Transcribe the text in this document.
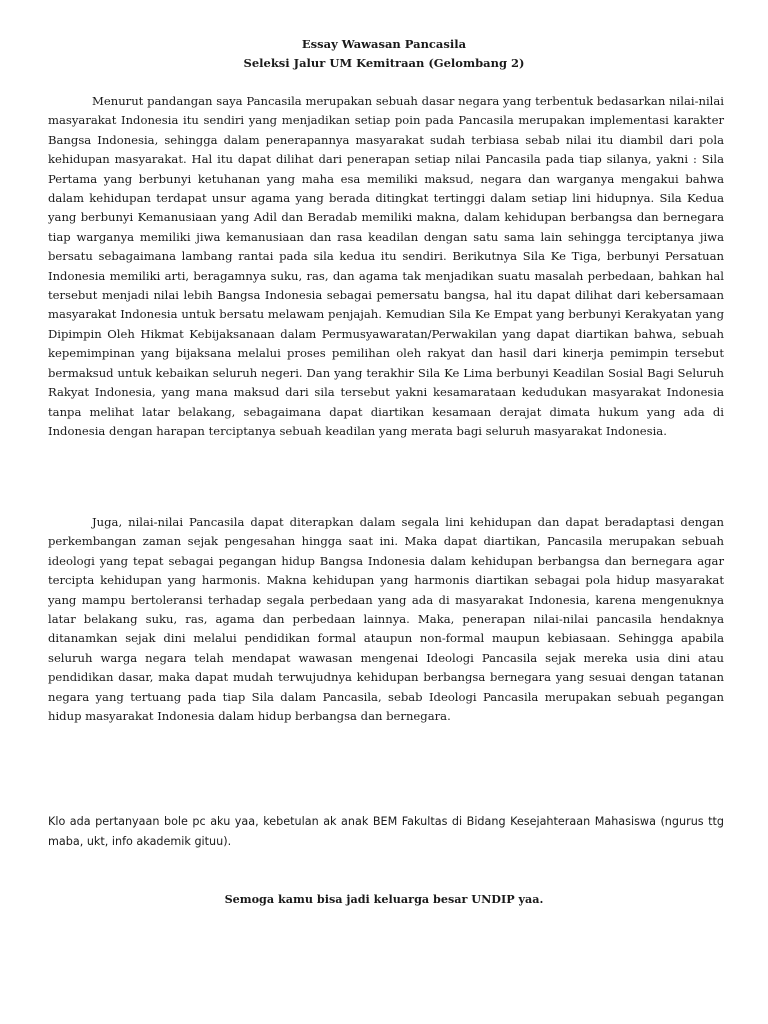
Essay Wawasan Pancasila
Seleksi Jalur UM Kemitraan (Gelombang 2)

Menurut pandangan saya Pancasila merupakan sebuah dasar negara yang terbentuk bedasarkan nilai-nilai masyarakat Indonesia itu sendiri yang menjadikan setiap poin pada Pancasila merupakan implementasi karakter Bangsa Indonesia, sehingga dalam penerapannya masyarakat sudah terbiasa sebab nilai itu diambil dari pola kehidupan masyarakat. Hal itu dapat dilihat dari penerapan setiap nilai Pancasila pada tiap silanya, yakni : Sila Pertama yang berbunyi ketuhanan yang maha esa memiliki maksud, negara dan warganya mengakui bahwa dalam kehidupan terdapat unsur agama yang berada ditingkat tertinggi dalam setiap lini hidupnya. Sila Kedua yang berbunyi Kemanusiaan yang Adil dan Beradab memiliki makna, dalam kehidupan berbangsa dan bernegara tiap warganya memiliki jiwa kemanusiaan dan rasa keadilan dengan satu sama lain sehingga terciptanya jiwa bersatu sebagaimana lambang rantai pada sila kedua itu sendiri. Berikutnya Sila Ke Tiga, berbunyi Persatuan Indonesia memiliki arti, beragamnya suku, ras, dan agama tak menjadikan suatu masalah perbedaan, bahkan hal tersebut menjadi nilai lebih Bangsa Indonesia sebagai pemersatu bangsa, hal itu dapat dilihat dari kebersamaan masyarakat Indonesia untuk bersatu melawam penjajah. Kemudian Sila Ke Empat yang berbunyi Kerakyatan yang Dipimpin Oleh Hikmat Kebijaksanaan dalam Permusyawaratan/Perwakilan yang dapat diartikan bahwa, sebuah kepemimpinan yang bijaksana melalui proses pemilihan oleh rakyat dan hasil dari kinerja pemimpin tersebut bermaksud untuk kebaikan seluruh negeri. Dan yang terakhir Sila Ke Lima berbunyi Keadilan Sosial Bagi Seluruh Rakyat Indonesia, yang mana maksud dari sila tersebut yakni kesamarataan kedudukan masyarakat Indonesia tanpa melihat latar belakang, sebagaimana dapat diartikan kesamaan derajat dimata hukum yang ada di Indonesia dengan harapan terciptanya sebuah keadilan yang merata bagi seluruh masyarakat Indonesia.

Juga, nilai-nilai Pancasila dapat diterapkan dalam segala lini kehidupan dan dapat beradaptasi dengan perkembangan zaman sejak pengesahan hingga saat ini. Maka dapat diartikan, Pancasila merupakan sebuah ideologi yang tepat sebagai pegangan hidup Bangsa Indonesia dalam kehidupan berbangsa dan bernegara agar tercipta kehidupan yang harmonis. Makna kehidupan yang harmonis diartikan sebagai pola hidup masyarakat yang mampu bertoleransi terhadap segala perbedaan yang ada di masyarakat Indonesia, karena mengenuknya latar belakang suku, ras, agama dan perbedaan lainnya. Maka, penerapan nilai-nilai pancasila hendaknya ditanamkan sejak dini melalui pendidikan formal ataupun non-formal maupun kebiasaan. Sehingga apabila seluruh warga negara telah mendapat wawasan mengenai Ideologi Pancasila sejak mereka usia dini atau pendidikan dasar, maka dapat mudah terwujudnya kehidupan berbangsa bernegara yang sesuai dengan tatanan negara yang tertuang pada tiap Sila dalam Pancasila, sebab Ideologi Pancasila merupakan sebuah pegangan hidup masyarakat Indonesia dalam hidup berbangsa dan bernegara.

Klo ada pertanyaan bole pc aku yaa, kebetulan ak anak BEM Fakultas di Bidang Kesejahteraan Mahasiswa (ngurus ttg maba, ukt, info akademik gituu).

Semoga kamu bisa jadi keluarga besar UNDIP yaa.
